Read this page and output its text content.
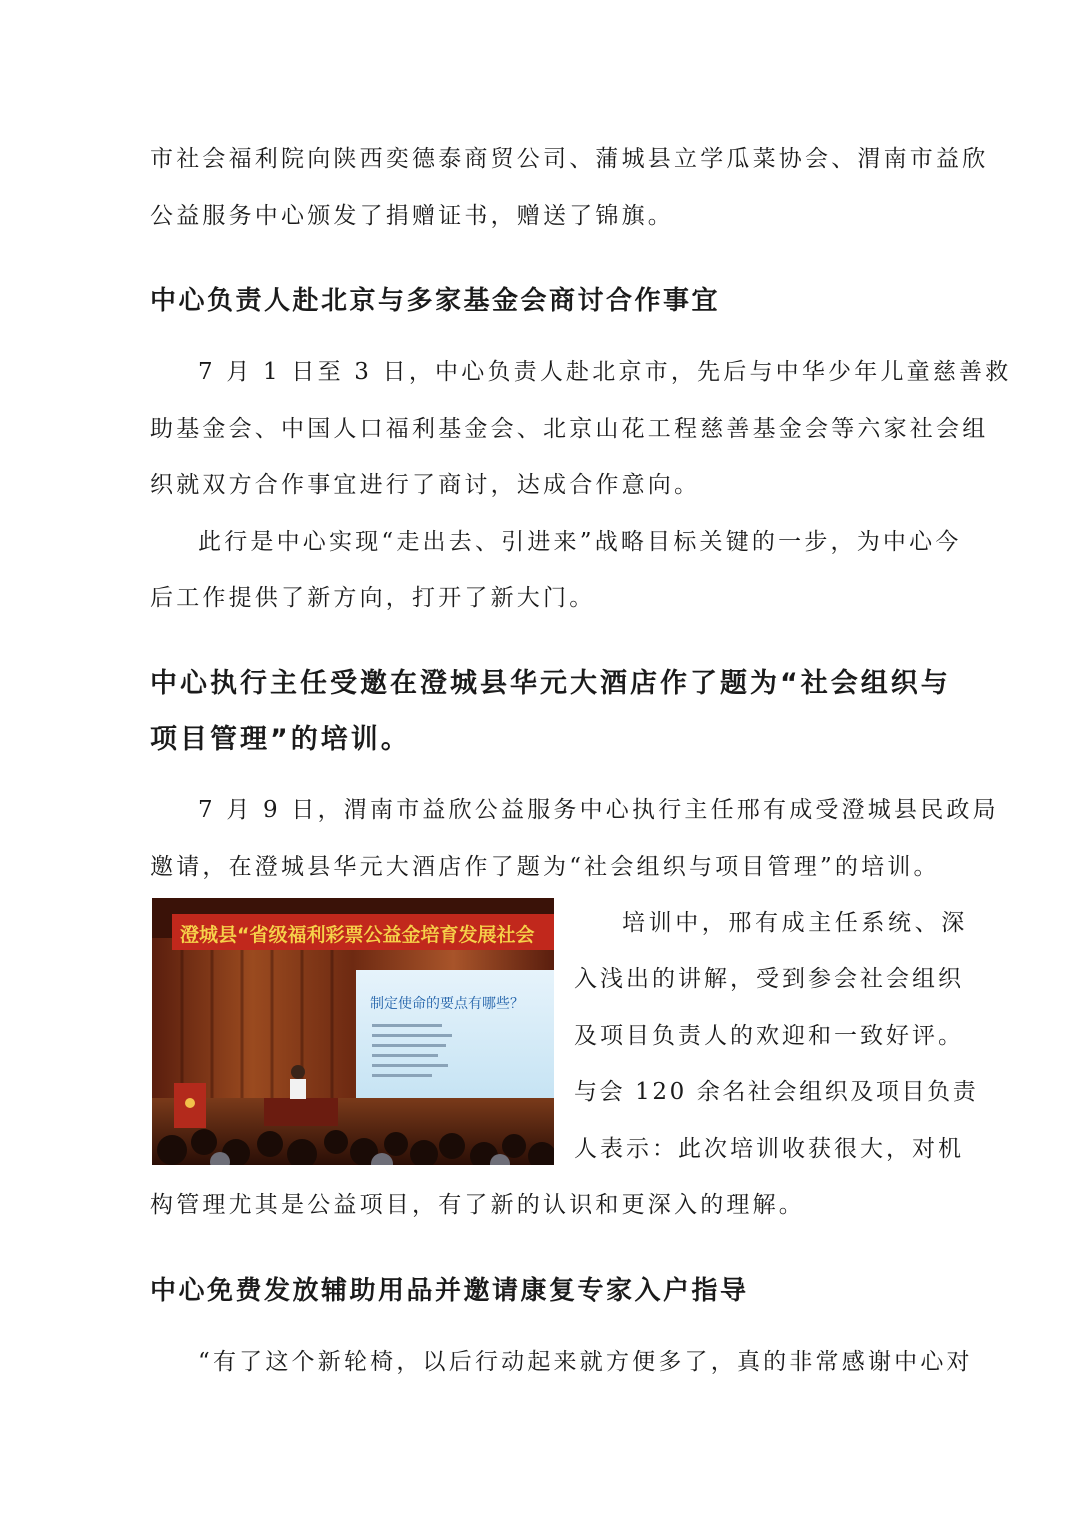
市社会福利院向陕西奕德泰商贸公司、蒲城县立学瓜菜协会、渭南市益欣
公益服务中心颁发了捐赠证书，赠送了锦旗。
中心负责人赴北京与多家基金会商讨合作事宜
7 月 1 日至 3 日，中心负责人赴北京市，先后与中华少年儿童慈善救
助基金会、中国人口福利基金会、北京山花工程慈善基金会等六家社会组
织就双方合作事宜进行了商讨，达成合作意向。
此行是中心实现“走出去、引进来”战略目标关键的一步，为中心今
后工作提供了新方向，打开了新大门。
中心执行主任受邀在澄城县华元大酒店作了题为“社会组织与
项目管理”的培训。
7 月 9 日，渭南市益欣公益服务中心执行主任邢有成受澄城县民政局
邀请，在澄城县华元大酒店作了题为“社会组织与项目管理”的培训。
澄城县“省级福利彩票公益金培育发展社会
制定使命的要点有哪些？
培训中，邢有成主任系统、深
入浅出的讲解，受到参会社会组织
及项目负责人的欢迎和一致好评。
与会 120 余名社会组织及项目负责
人表示：此次培训收获很大，对机
构管理尤其是公益项目，有了新的认识和更深入的理解。
中心免费发放辅助用品并邀请康复专家入户指导
“有了这个新轮椅，以后行动起来就方便多了，真的非常感谢中心对
